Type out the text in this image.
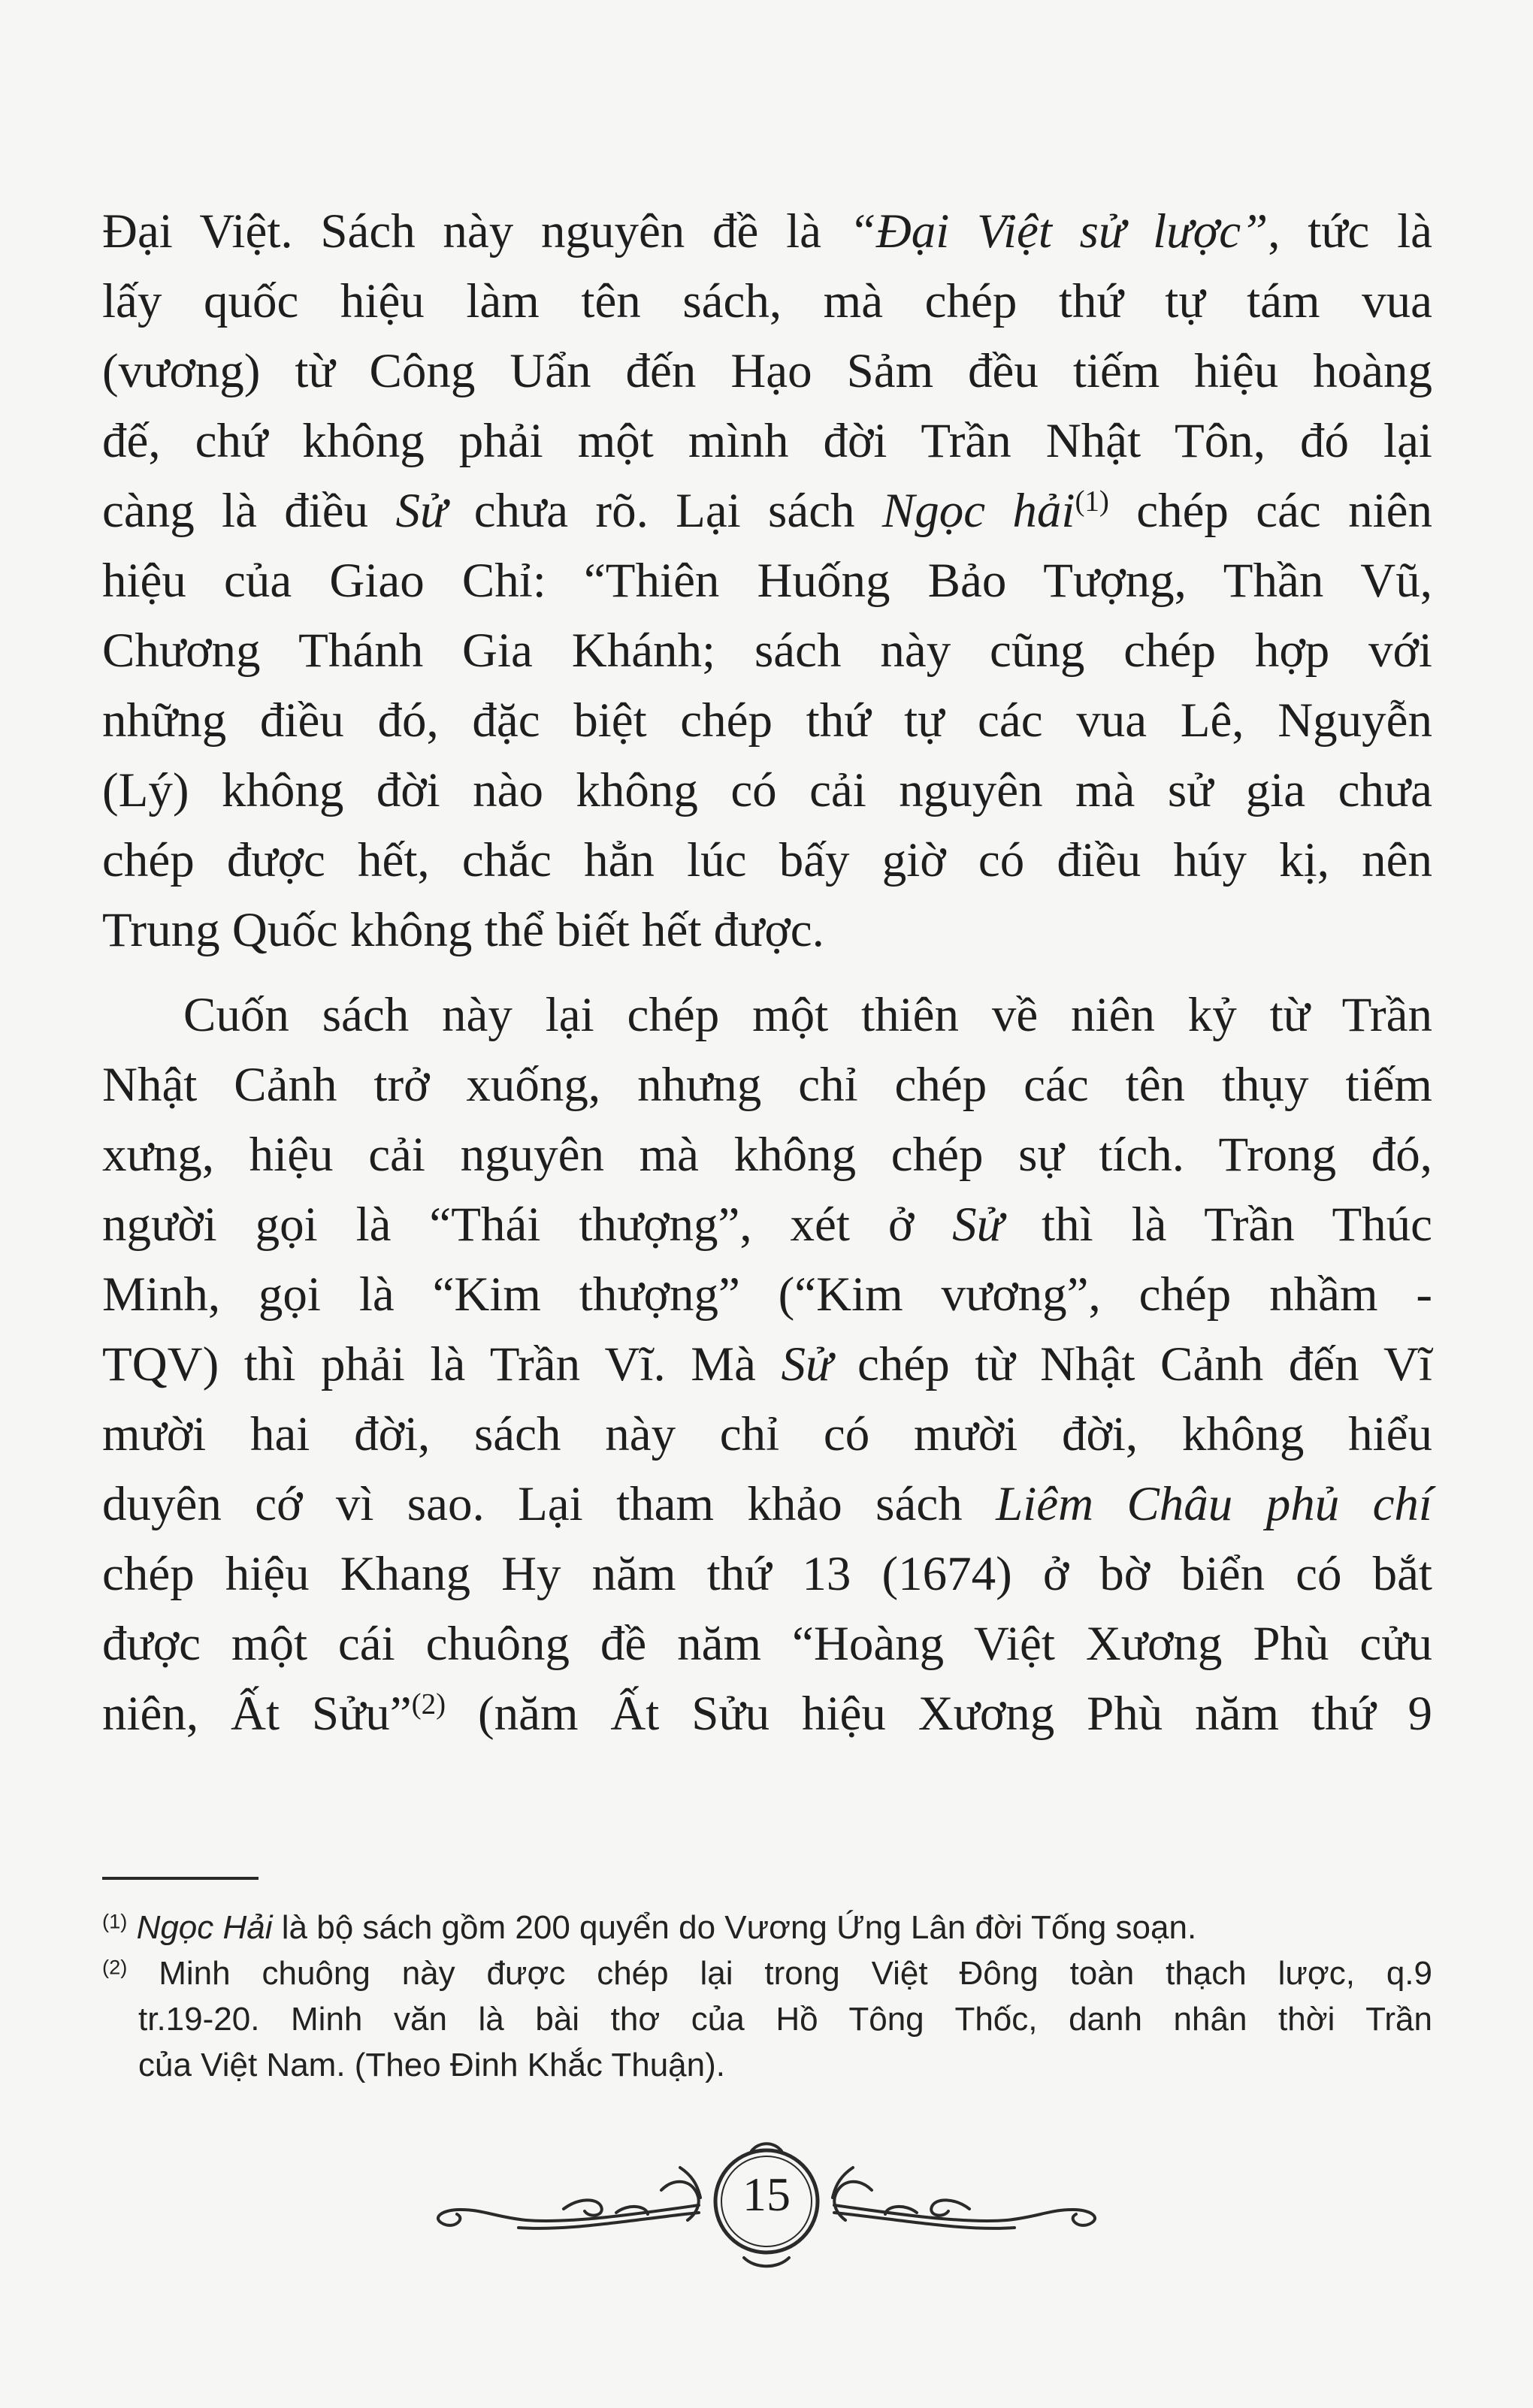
Đại Việt. Sách này nguyên đề là “Đại Việt sử lược”, tức là
lấy quốc hiệu làm tên sách, mà chép thứ tự tám vua
(vương) từ Công Uẩn đến Hạo Sảm đều tiếm hiệu hoàng
đế, chứ không phải một mình đời Trần Nhật Tôn, đó lại
càng là điều Sử chưa rõ. Lại sách Ngọc hải$^{(1)}$ chép các niên
hiệu của Giao Chỉ: “Thiên Huống Bảo Tượng, Thần Vũ,
Chương Thánh Gia Khánh; sách này cũng chép hợp với
những điều đó, đặc biệt chép thứ tự các vua Lê, Nguyễn
(Lý) không đời nào không có cải nguyên mà sử gia chưa
chép được hết, chắc hẳn lúc bấy giờ có điều húy kị, nên
Trung Quốc không thể biết hết được.
Cuốn sách này lại chép một thiên về niên kỷ từ Trần
Nhật Cảnh trở xuống, nhưng chỉ chép các tên thụy tiếm
xưng, hiệu cải nguyên mà không chép sự tích. Trong đó,
người gọi là “Thái thượng”, xét ở Sử thì là Trần Thúc
Minh, gọi là “Kim thượng” (“Kim vương”, chép nhầm -
TQV) thì phải là Trần Vĩ. Mà Sử chép từ Nhật Cảnh đến Vĩ
mười hai đời, sách này chỉ có mười đời, không hiểu
duyên cớ vì sao. Lại tham khảo sách Liêm Châu phủ chí
chép hiệu Khang Hy năm thứ 13 (1674) ở bờ biển có bắt
được một cái chuông đề năm “Hoàng Việt Xương Phù cửu
niên, Ất Sửu”$^{(2)}$ (năm Ất Sửu hiệu Xương Phù năm thứ 9
$^{(1)}$ Ngọc Hải là bộ sách gồm 200 quyển do Vương Ứng Lân đời Tống soạn.
$^{(2)}$ Minh chuông này được chép lại trong Việt Đông toàn thạch lược, q.9
tr.19-20. Minh văn là bài thơ của Hồ Tông Thốc, danh nhân thời Trần
của Việt Nam. (Theo Đinh Khắc Thuận).
15
